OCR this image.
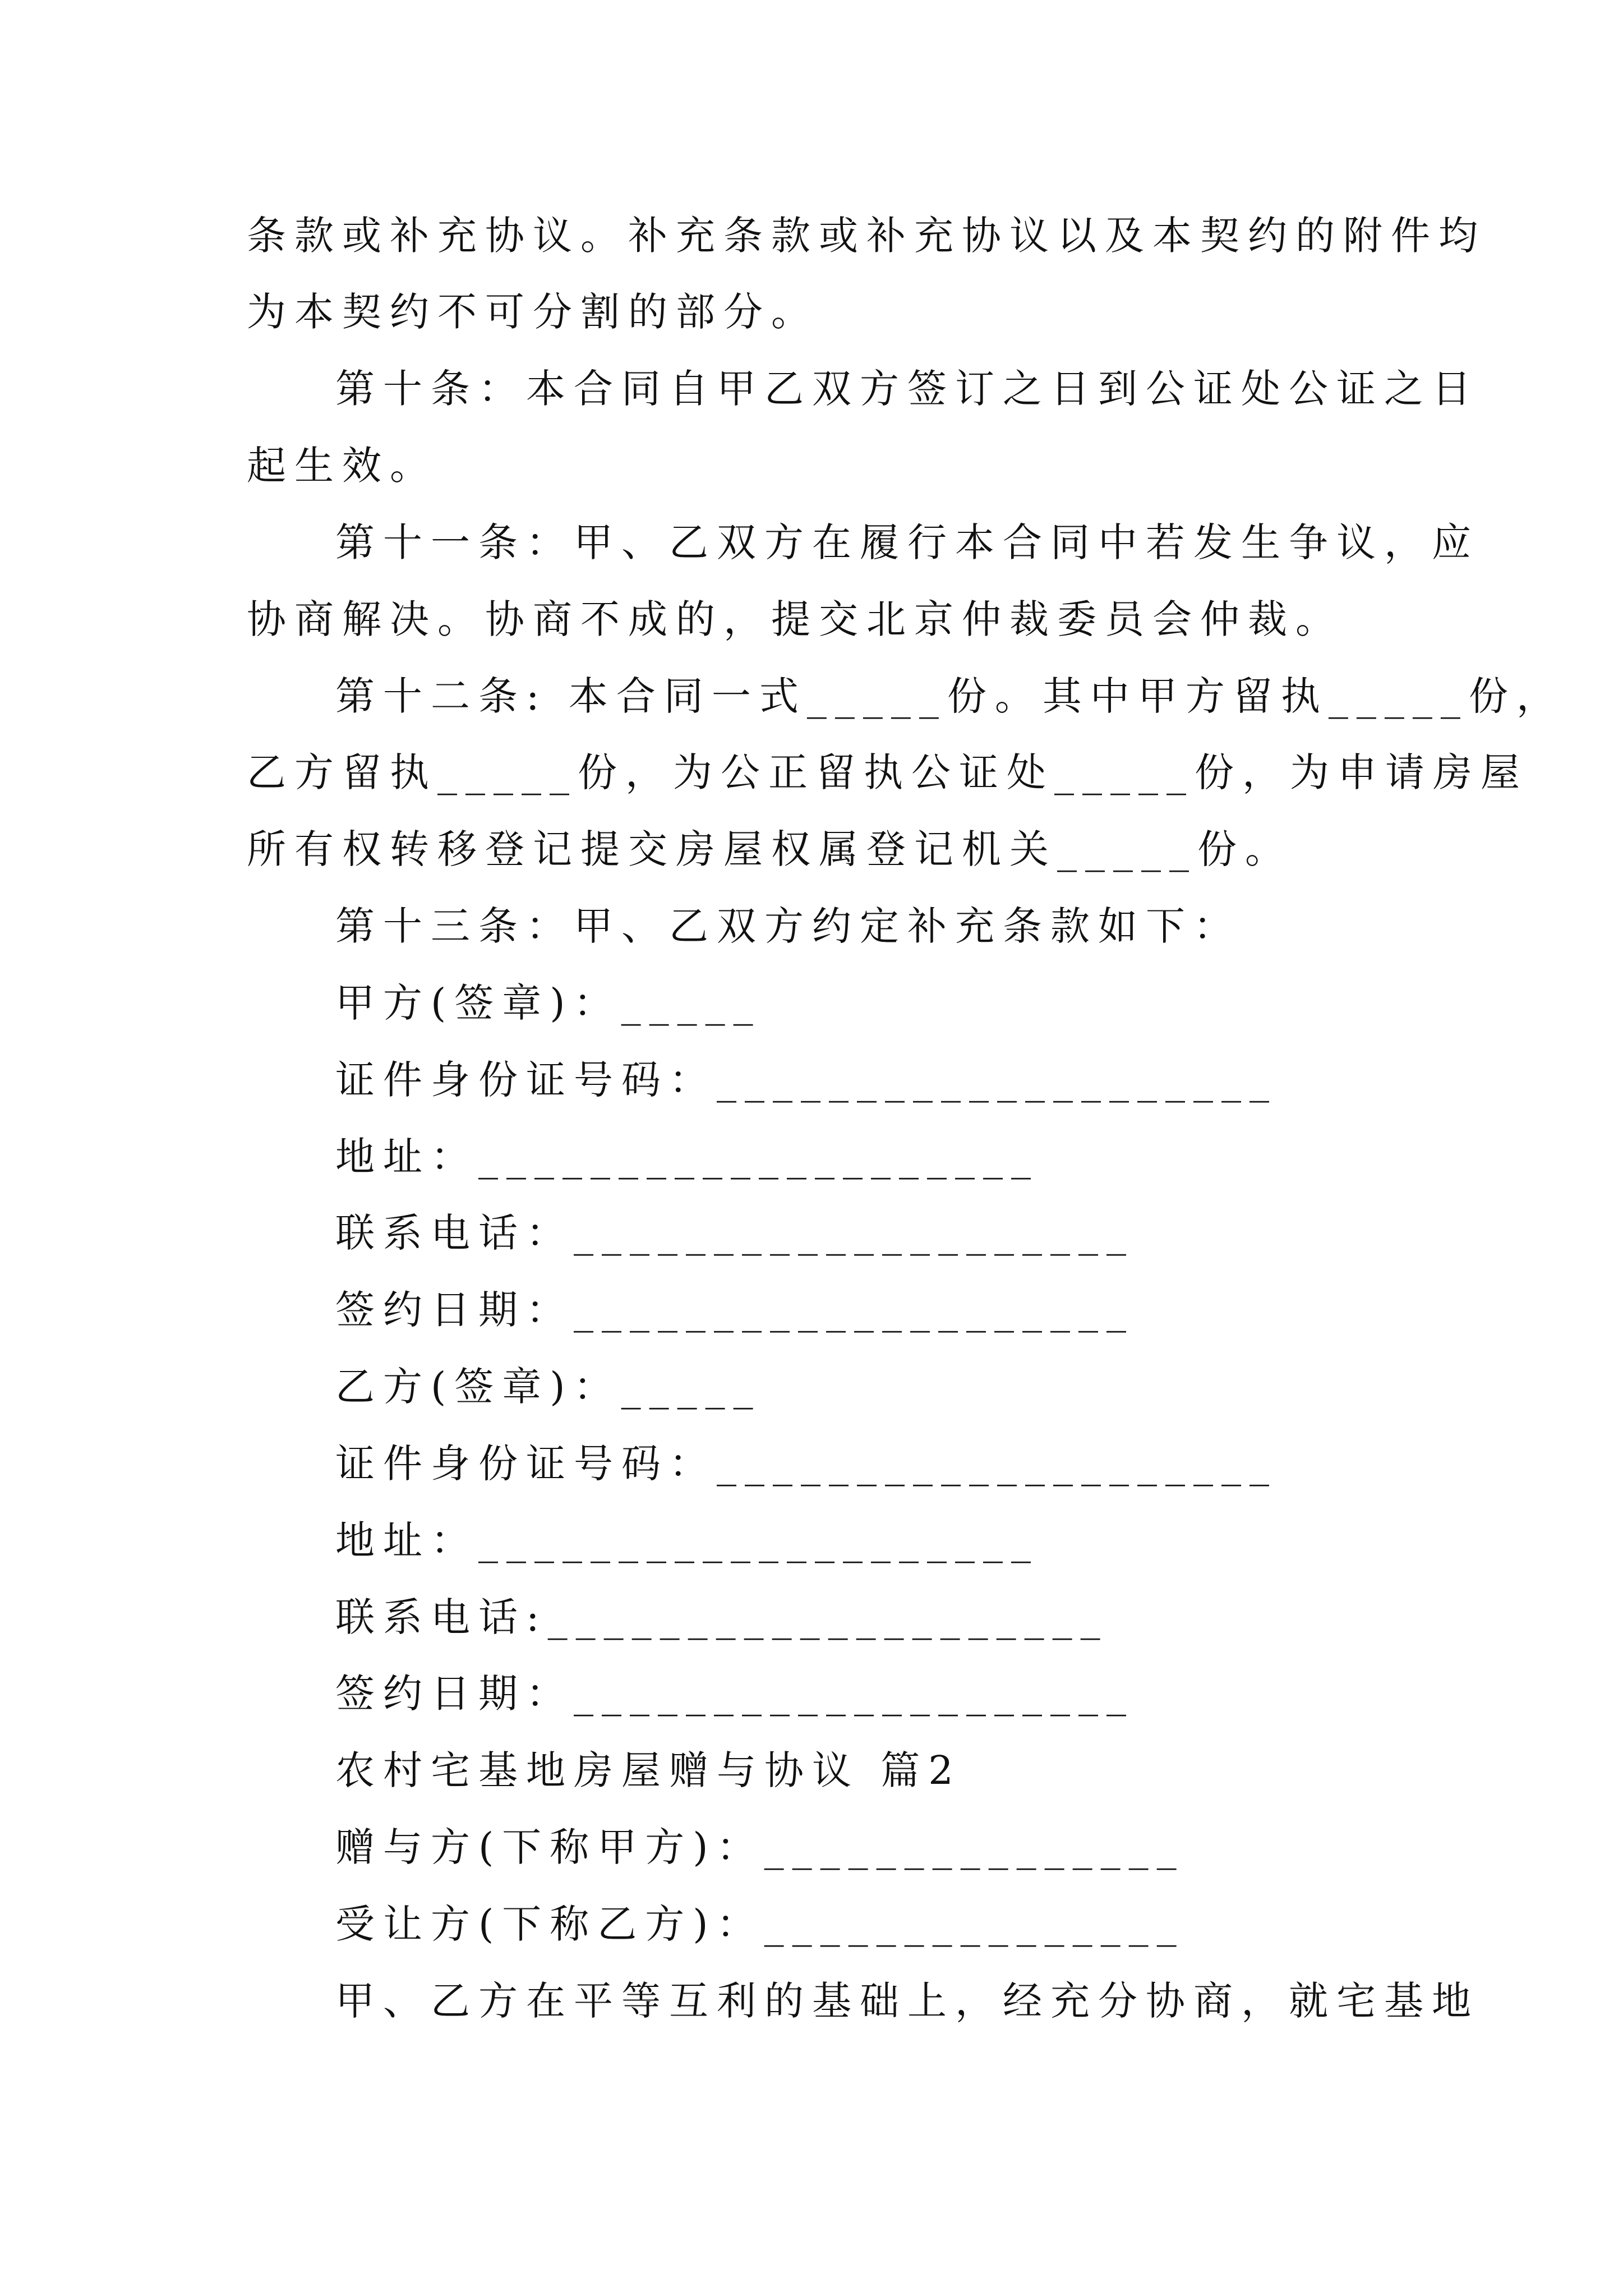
条款或补充协议。补充条款或补充协议以及本契约的附件均
为本契约不可分割的部分。
第十条：本合同自甲乙双方签订之日到公证处公证之日
起生效。
第十一条：甲、乙双方在履行本合同中若发生争议，应
协商解决。协商不成的，提交北京仲裁委员会仲裁。
第十二条: 本合同一式_____份。其中甲方留执_____份，
乙方留执_____份，为公正留执公证处_____份，为申请房屋
所有权转移登记提交房屋权属登记机关_____份。
第十三条：甲、乙双方约定补充条款如下：
甲方(签章)：_____
证件身份证号码：____________________
地址：____________________
联系电话：____________________
签约日期：____________________
乙方(签章)：_____
证件身份证号码：____________________
地址：____________________
联系电话:____________________
签约日期：____________________
农村宅基地房屋赠与协议 篇2
赠与方(下称甲方)：_______________
受让方(下称乙方)：_______________
甲、乙方在平等互利的基础上，经充分协商，就宅基地
